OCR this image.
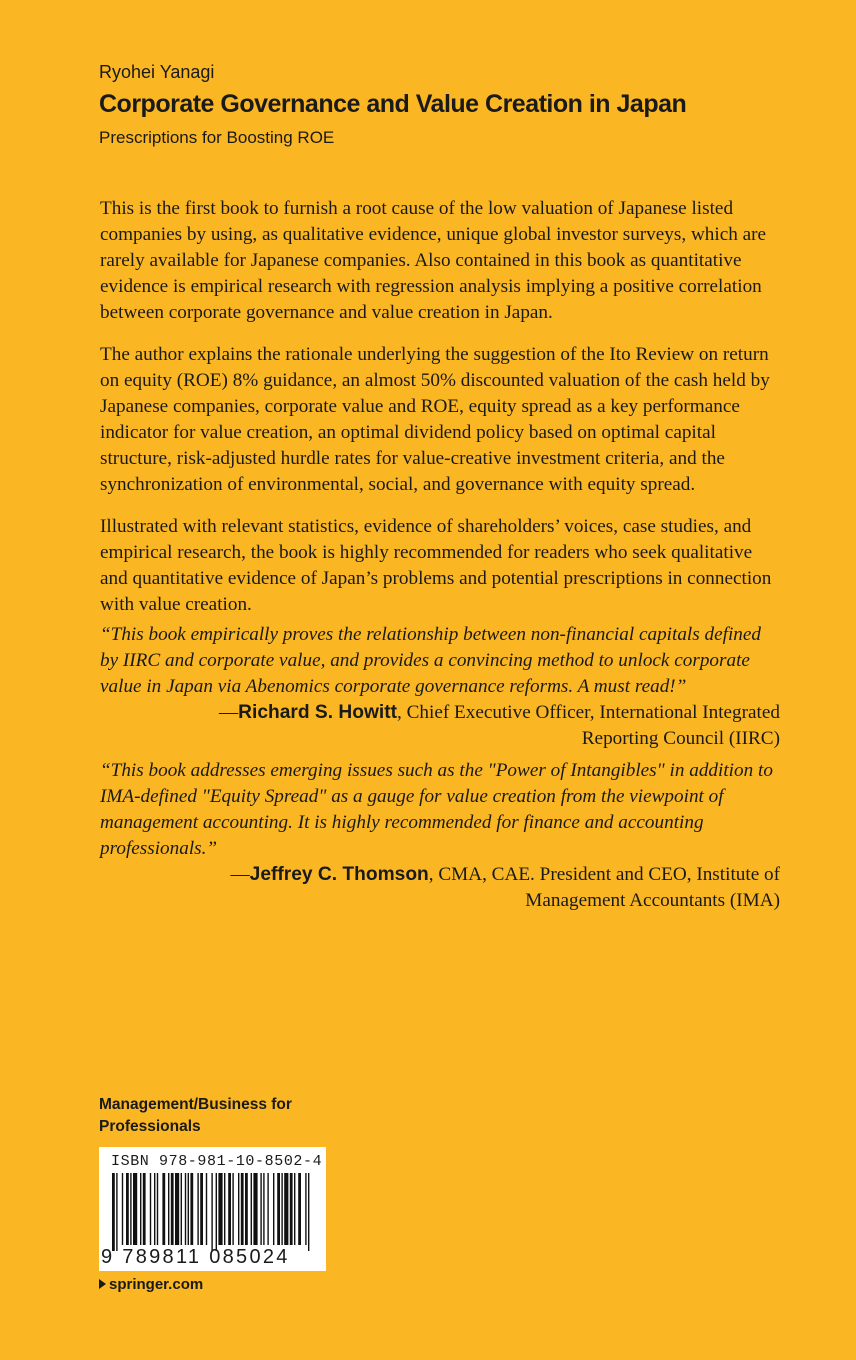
Ryohei Yanagi
Corporate Governance and Value Creation in Japan
Prescriptions for Boosting ROE

This is the first book to furnish a root cause of the low valuation of Japanese listed companies by using, as qualitative evidence, unique global investor surveys, which are rarely available for Japanese companies. Also contained in this book as quantitative evidence is empirical research with regression analysis implying a positive correlation between corporate governance and value creation in Japan.

The author explains the rationale underlying the suggestion of the Ito Review on return on equity (ROE) 8% guidance, an almost 50% discounted valuation of the cash held by Japanese companies, corporate value and ROE, equity spread as a key performance indicator for value creation, an optimal dividend policy based on optimal capital structure, risk-adjusted hurdle rates for value-creative investment criteria, and the synchronization of environmental, social, and governance with equity spread.

Illustrated with relevant statistics, evidence of shareholders’ voices, case studies, and empirical research, the book is highly recommended for readers who seek qualitative and quantitative evidence of Japan’s problems and potential prescriptions in connection with value creation.

“This book empirically proves the relationship between non-financial capitals defined by IIRC and corporate value, and provides a convincing method to unlock corporate value in Japan via Abenomics corporate governance reforms. A must read!”

—Richard S. Howitt, Chief Executive Officer, International Integrated Reporting Council (IIRC)

“This book addresses emerging issues such as the "Power of Intangibles" in addition to IMA-defined "Equity Spread" as a gauge for value creation from the viewpoint of management accounting. It is highly recommended for finance and accounting professionals.”

—Jeffrey C. Thomson, CMA, CAE. President and CEO, Institute of Management Accountants (IMA)

Management/Business for Professionals
ISBN 978-981-10-8502-4
9 789811 085024
springer.com
